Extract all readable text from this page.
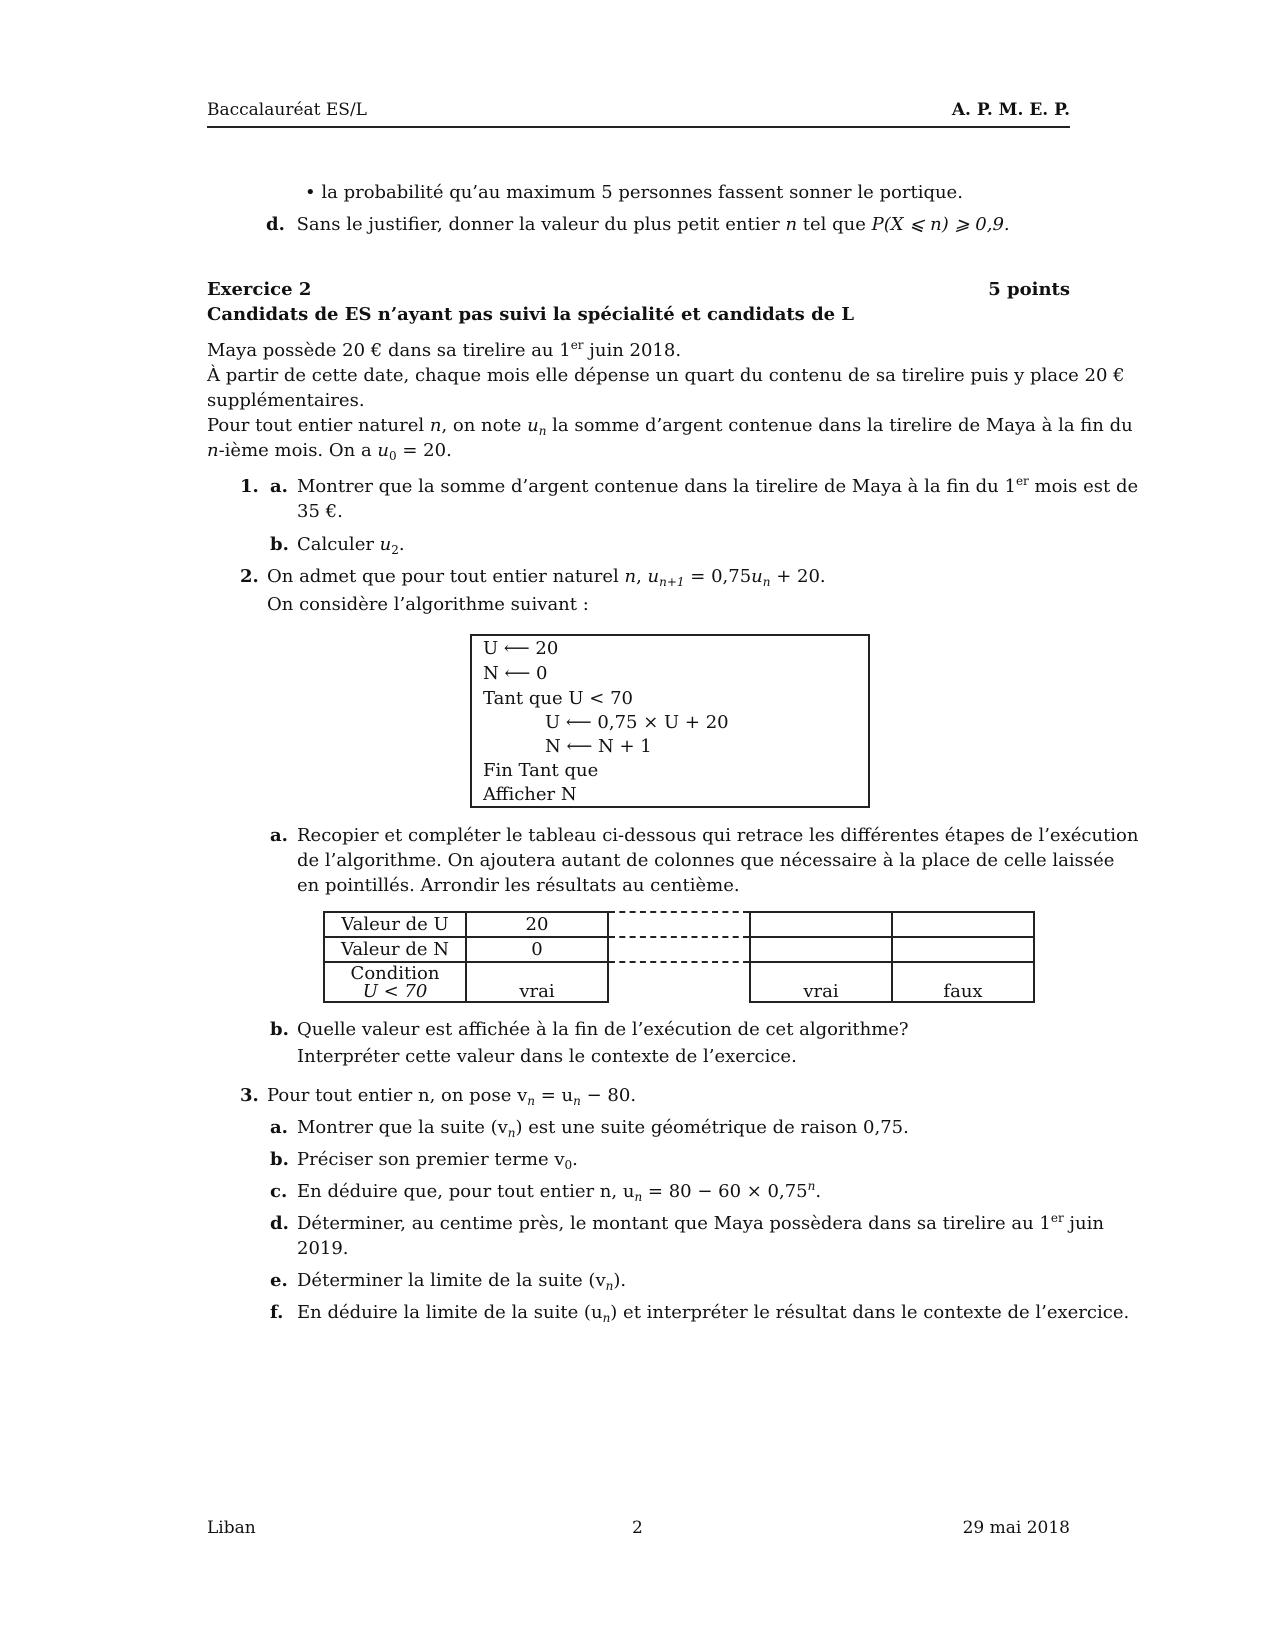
Baccalauréat ES/L	A. P. M. E. P.
• la probabilité qu’au maximum 5 personnes fassent sonner le portique.
d. Sans le justifier, donner la valeur du plus petit entier n tel que P(X ⩽ n) ⩾ 0,9.
Exercice 2	5 points
Candidats de ES n’ayant pas suivi la spécialité et candidats de L
Maya possède 20 € dans sa tirelire au 1er juin 2018.
À partir de cette date, chaque mois elle dépense un quart du contenu de sa tirelire puis y place 20 €
supplémentaires.
Pour tout entier naturel n, on note $u_n$ la somme d’argent contenue dans la tirelire de Maya à la fin du
n-ième mois. On a $u_0 = 20$.
1. a. Montrer que la somme d’argent contenue dans la tirelire de Maya à la fin du 1er mois est de
35 €.
b. Calculer $u_2$.
2. On admet que pour tout entier naturel n, $u_{n+1} = 0,75u_n + 20$.
On considère l’algorithme suivant :
U ⟵ 20
N ⟵ 0
Tant que U < 70
U ⟵ 0,75 × U + 20
N ⟵ N + 1
Fin Tant que
Afficher N
a. Recopier et compléter le tableau ci-dessous qui retrace les différentes étapes de l’exécution
de l’algorithme. On ajoutera autant de colonnes que nécessaire à la place de celle laissée
en pointillés. Arrondir les résultats au centième.
Valeur de U	20			
Valeur de N	0			
Condition
U < 70	vrai		vrai	faux
b. Quelle valeur est affichée à la fin de l’exécution de cet algorithme?
Interpréter cette valeur dans le contexte de l’exercice.
3. Pour tout entier n, on pose $v_n = u_n - 80$.
a. Montrer que la suite $(v_n)$ est une suite géométrique de raison 0,75.
b. Préciser son premier terme $v_0$.
c. En déduire que, pour tout entier n, $u_n = 80 - 60 \times 0,75^n$.
d. Déterminer, au centime près, le montant que Maya possèdera dans sa tirelire au 1er juin
2019.
e. Déterminer la limite de la suite $(v_n)$.
f. En déduire la limite de la suite $(u_n)$ et interpréter le résultat dans le contexte de l’exercice.
Liban	2	29 mai 2018
